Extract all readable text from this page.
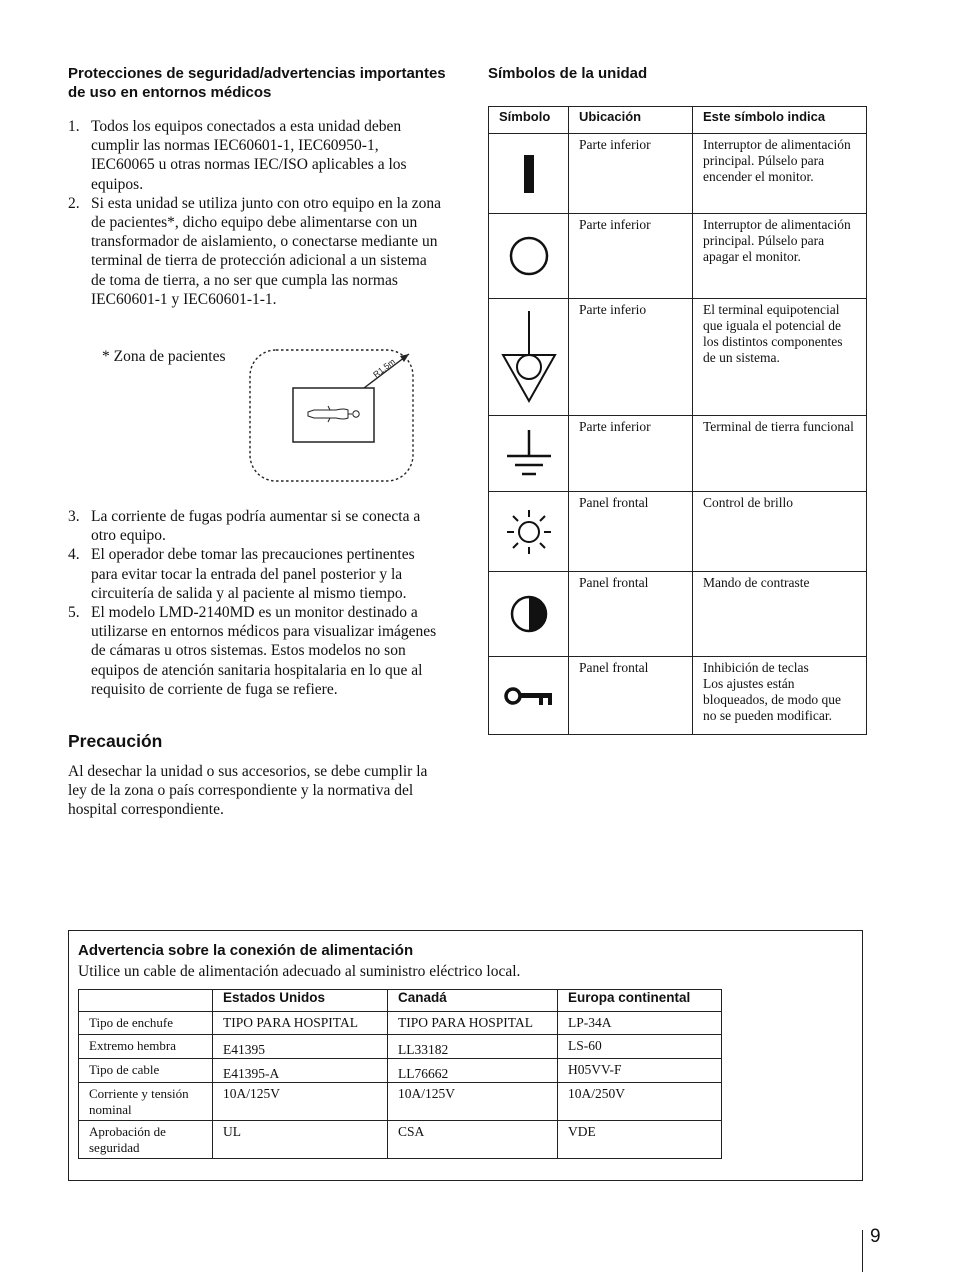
Protecciones de seguridad/advertencias importantes de uso en entornos médicos
1. Todos los equipos conectados a esta unidad deben cumplir las normas IEC60601-1, IEC60950-1, IEC60065 u otras normas IEC/ISO aplicables a los equipos.
2. Si esta unidad se utiliza junto con otro equipo en la zona de pacientes*, dicho equipo debe alimentarse con un transformador de aislamiento, o conectarse mediante un terminal de tierra de protección adicional a un sistema de toma de tierra, a no ser que cumpla las normas IEC60601-1 y IEC60601-1-1.
* Zona de pacientes	R1.5m
3. La corriente de fugas podría aumentar si se conecta a otro equipo.
4. El operador debe tomar las precauciones pertinentes para evitar tocar la entrada del panel posterior y la circuitería de salida y al paciente al mismo tiempo.
5. El modelo LMD-2140MD es un monitor destinado a utilizarse en entornos médicos para visualizar imágenes de cámaras u otros sistemas. Estos modelos no son equipos de atención sanitaria hospitalaria en lo que al requisito de corriente de fuga se refiere.
Precaución

Al desechar la unidad o sus accesorios, se debe cumplir la ley de la zona o país correspondiente y la normativa del hospital correspondiente.

Símbolos de la unidad
Símbolo	Ubicación	Este símbolo indica

	Parte inferior	Interruptor de alimentación principal. Púlselo para encender el monitor.

	Parte inferior	Interruptor de alimentación principal. Púlselo para apagar el monitor.

	Parte inferio	El terminal equipotencial que iguala el potencial de los distintos componentes de un sistema.

	Parte inferior	Terminal de tierra funcional

	Panel frontal	Control de brillo

	Panel frontal	Mando de contraste

	Panel frontal	Inhibición de teclas
Los ajustes están bloqueados, de modo que no se pueden modificar.
Advertencia sobre la conexión de alimentación
Utilice un cable de alimentación adecuado al suministro eléctrico local.
	Estados Unidos	Canadá	Europa continental
Tipo de enchufe	TIPO PARA HOSPITAL	TIPO PARA HOSPITAL	LP-34A
Extremo hembra	E41395	LL33182	LS-60
Tipo de cable	E41395-A	LL76662	H05VV-F
Corriente y tensión nominal	10A/125V	10A/125V	10A/250V
Aprobación de seguridad	UL	CSA	VDE
9
